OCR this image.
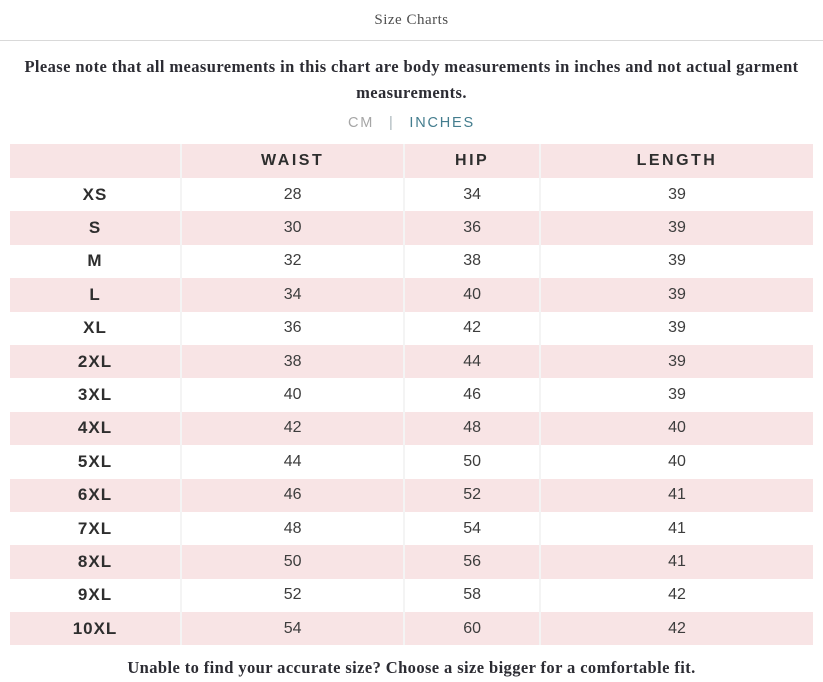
Size Charts

Please note that all measurements in this chart are body measurements in inches and not actual garment measurements.

CM | INCHES
	WAIST	HIP	LENGTH
XS	28	34	39
S	30	36	39
M	32	38	39
L	34	40	39
XL	36	42	39
2XL	38	44	39
3XL	40	46	39
4XL	42	48	40
5XL	44	50	40
6XL	46	52	41
7XL	48	54	41
8XL	50	56	41
9XL	52	58	42
10XL	54	60	42

Unable to find your accurate size? Choose a size bigger for a comfortable fit.
